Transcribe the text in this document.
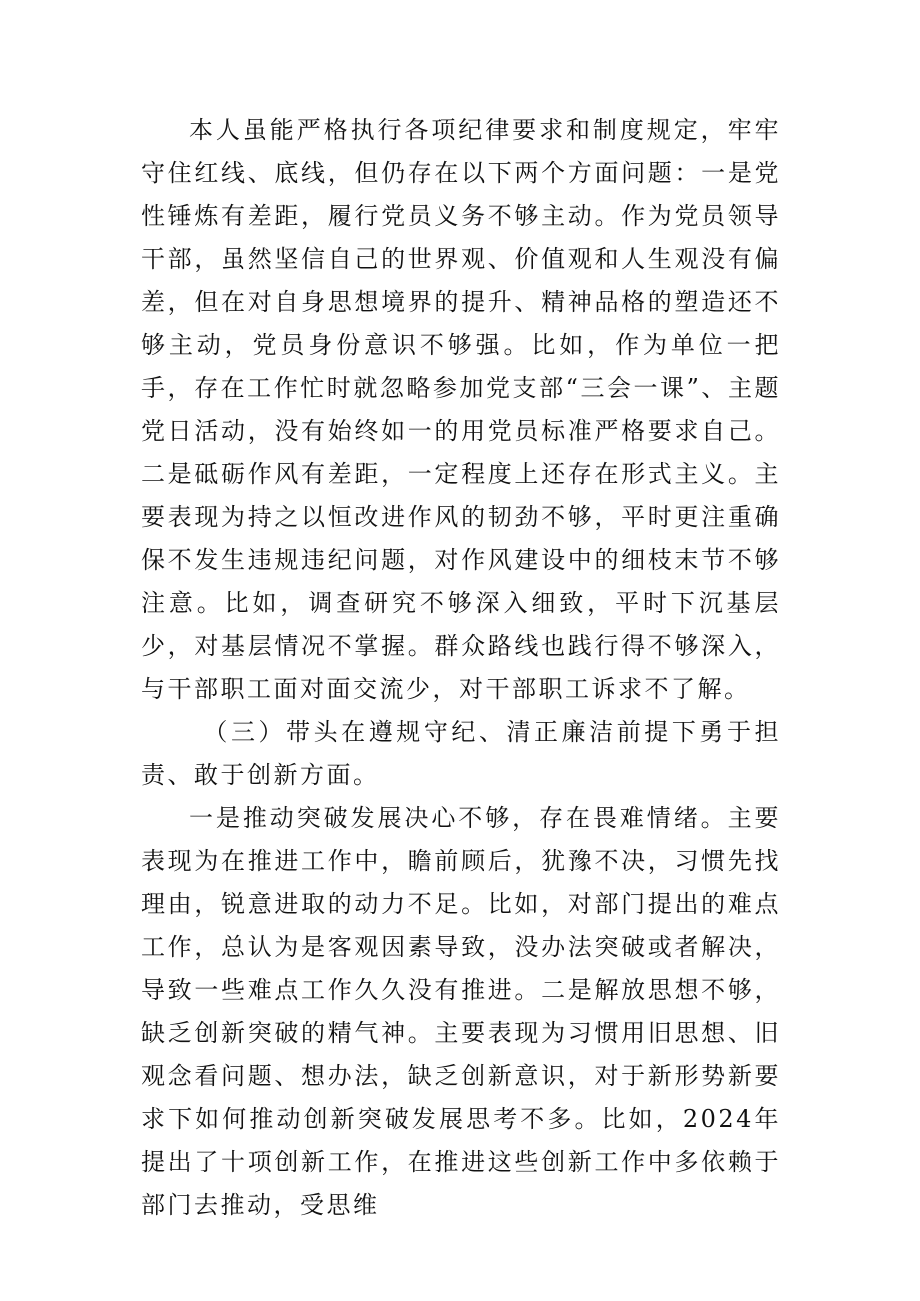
本人虽能严格执行各项纪律要求和制度规定，牢牢守住红线、底线，但仍存在以下两个方面问题：一是党性锤炼有差距，履行党员义务不够主动。作为党员领导干部，虽然坚信自己的世界观、价值观和人生观没有偏差，但在对自身思想境界的提升、精神品格的塑造还不够主动，党员身份意识不够强。比如，作为单位一把手，存在工作忙时就忽略参加党支部“三会一课”、主题党日活动，没有始终如一的用党员标准严格要求自己。二是砥砺作风有差距，一定程度上还存在形式主义。主要表现为持之以恒改进作风的韧劲不够，平时更注重确保不发生违规违纪问题，对作风建设中的细枝末节不够注意。比如，调查研究不够深入细致，平时下沉基层少，对基层情况不掌握。群众路线也践行得不够深入，与干部职工面对面交流少，对干部职工诉求不了解。

（三）带头在遵规守纪、清正廉洁前提下勇于担责、敢于创新方面。

一是推动突破发展决心不够，存在畏难情绪。主要表现为在推进工作中，瞻前顾后，犹豫不决，习惯先找理由，锐意进取的动力不足。比如，对部门提出的难点工作，总认为是客观因素导致，没办法突破或者解决，导致一些难点工作久久没有推进。二是解放思想不够，缺乏创新突破的精气神。主要表现为习惯用旧思想、旧观念看问题、想办法，缺乏创新意识，对于新形势新要求下如何推动创新突破发展思考不多。比如，2024年提出了十项创新工作，在推进这些创新工作中多依赖于部门去推动，受思维
